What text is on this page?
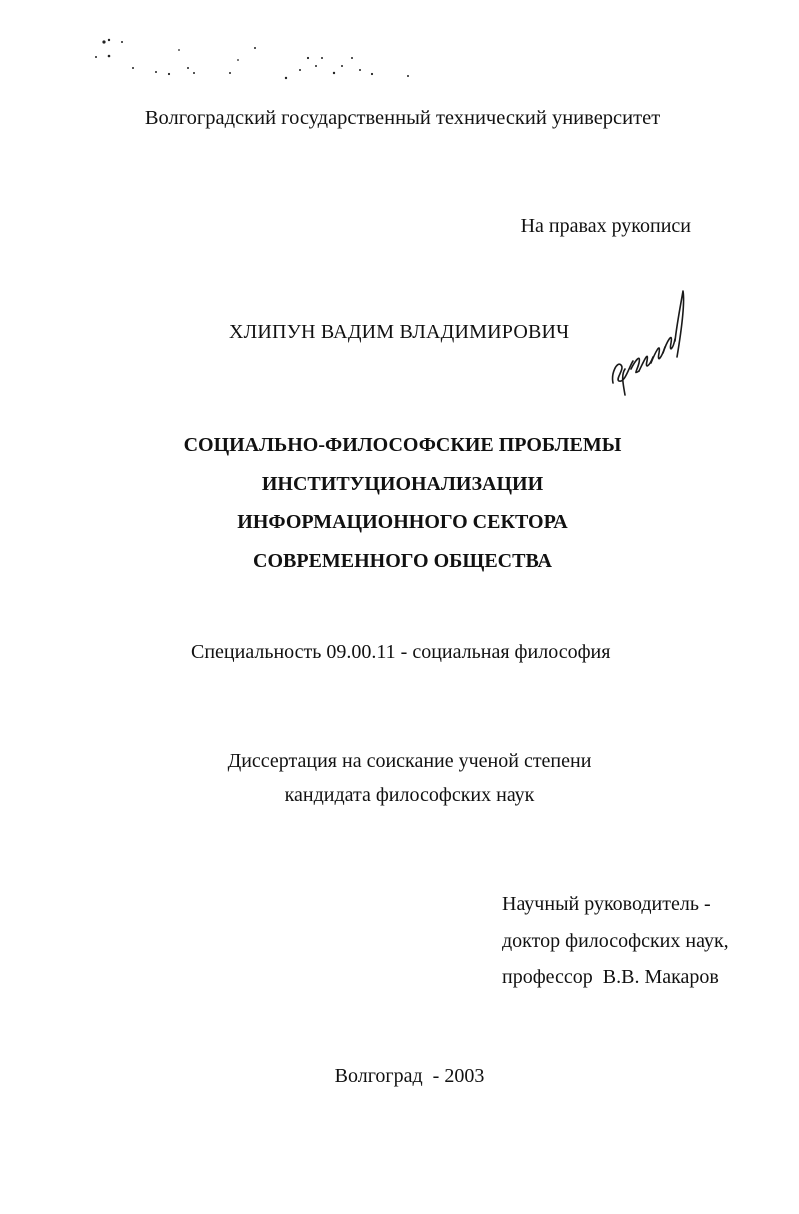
Волгоградский государственный технический университет
На правах рукописи
ХЛИПУН ВАДИМ ВЛАДИМИРОВИЧ
СОЦИАЛЬНО-ФИЛОСОФСКИЕ ПРОБЛЕМЫ
ИНСТИТУЦИОНАЛИЗАЦИИ
ИНФОРМАЦИОННОГО СЕКТОРА
СОВРЕМЕННОГО ОБЩЕСТВА
Специальность 09.00.11 - социальная философия
Диссертация на соискание ученой степени
кандидата философских наук
Научный руководитель -
доктор философских наук,
профессор  В.В. Макаров
Волгоград  - 2003
